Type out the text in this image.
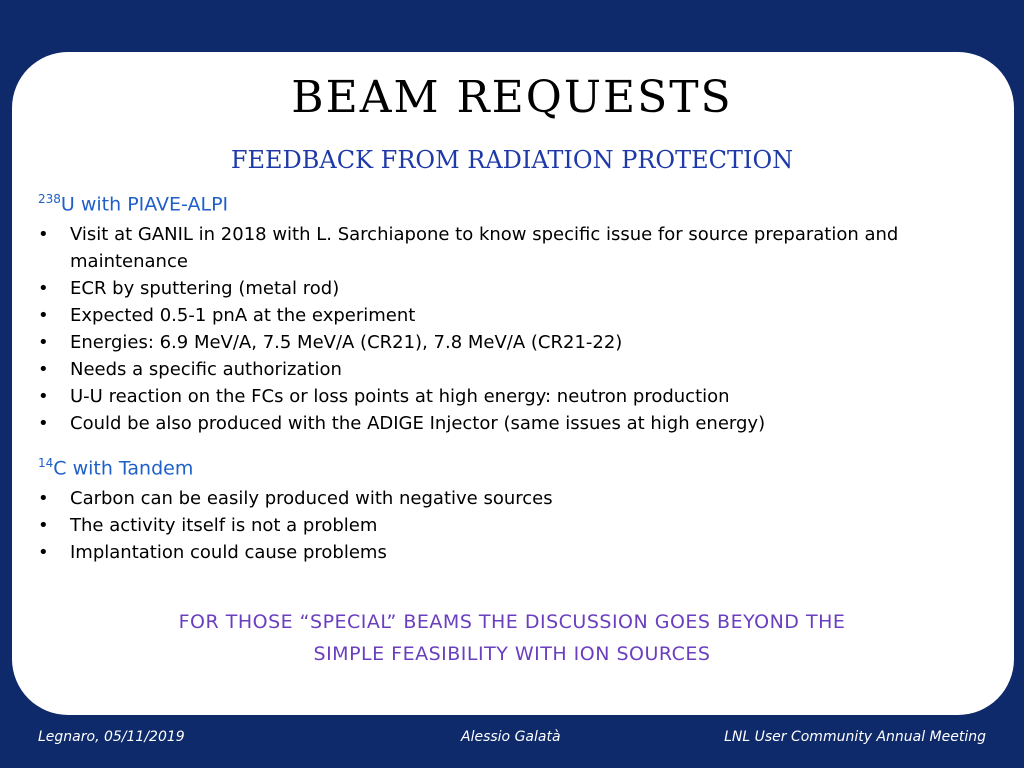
BEAM REQUESTS
FEEDBACK FROM RADIATION PROTECTION
$^{238}$U with PIAVE-ALPI
• Visit at GANIL in 2018 with L. Sarchiapone to know specific issue for source preparation and maintenance
• ECR by sputtering (metal rod)
• Expected 0.5-1 pnA at the experiment
• Energies: 6.9 MeV/A, 7.5 MeV/A (CR21), 7.8 MeV/A (CR21-22)
• Needs a specific authorization
• U-U reaction on the FCs or loss points at high energy: neutron production
• Could be also produced with the ADIGE Injector (same issues at high energy)
$^{14}$C with Tandem
• Carbon can be easily produced with negative sources
• The activity itself is not a problem
• Implantation could cause problems
FOR THOSE “SPECIAL” BEAMS THE DISCUSSION GOES BEYOND THE
SIMPLE FEASIBILITY WITH ION SOURCES
Legnaro, 05/11/2019	Alessio Galatà	LNL User Community Annual Meeting
